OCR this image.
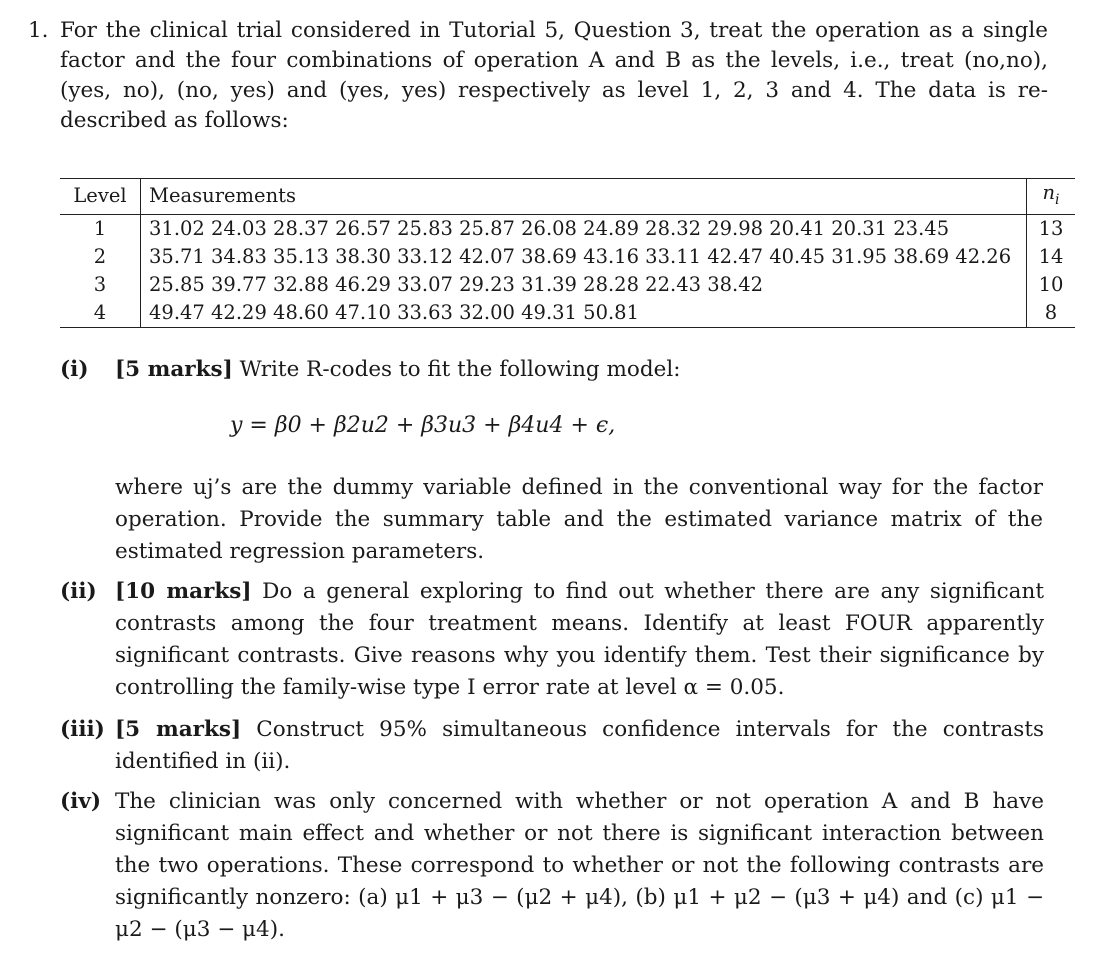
1. For the clinical trial considered in Tutorial 5, Question 3, treat the operation as a single factor and the four combinations of operation A and B as the levels, i.e., treat (no,no), (yes, no), (no, yes) and (yes, yes) respectively as level 1, 2, 3 and 4. The data is re-described as follows:
Level	Measurements	$n_i$
1	31.02 24.03 28.37 26.57 25.83 25.87 26.08 24.89 28.32 29.98 20.41 20.31 23.45	13
2	35.71 34.83 35.13 38.30 33.12 42.07 38.69 43.16 33.11 42.47 40.45 31.95 38.69 42.26	14
3	25.85 39.77 32.88 46.29 33.07 29.23 31.39 28.28 22.43 38.42	10
4	49.47 42.29 48.60 47.10 33.63 32.00 49.31 50.81	8
(i) [5 marks] Write R-codes to fit the following model:
y = β0 + β2u2 + β3u3 + β4u4 + ϵ,
where uj’s are the dummy variable defined in the conventional way for the factor operation. Provide the summary table and the estimated variance matrix of the estimated regression parameters.
(ii) [10 marks] Do a general exploring to find out whether there are any significant contrasts among the four treatment means. Identify at least FOUR apparently significant contrasts. Give reasons why you identify them. Test their significance by controlling the family-wise type I error rate at level α = 0.05.
(iii) [5 marks] Construct 95% simultaneous confidence intervals for the contrasts identified in (ii).
(iv) The clinician was only concerned with whether or not operation A and B have significant main effect and whether or not there is significant interaction between the two operations. These correspond to whether or not the following contrasts are significantly nonzero: (a) μ1 + μ3 − (μ2 + μ4), (b) μ1 + μ2 − (μ3 + μ4) and (c) μ1 − μ2 − (μ3 − μ4).
